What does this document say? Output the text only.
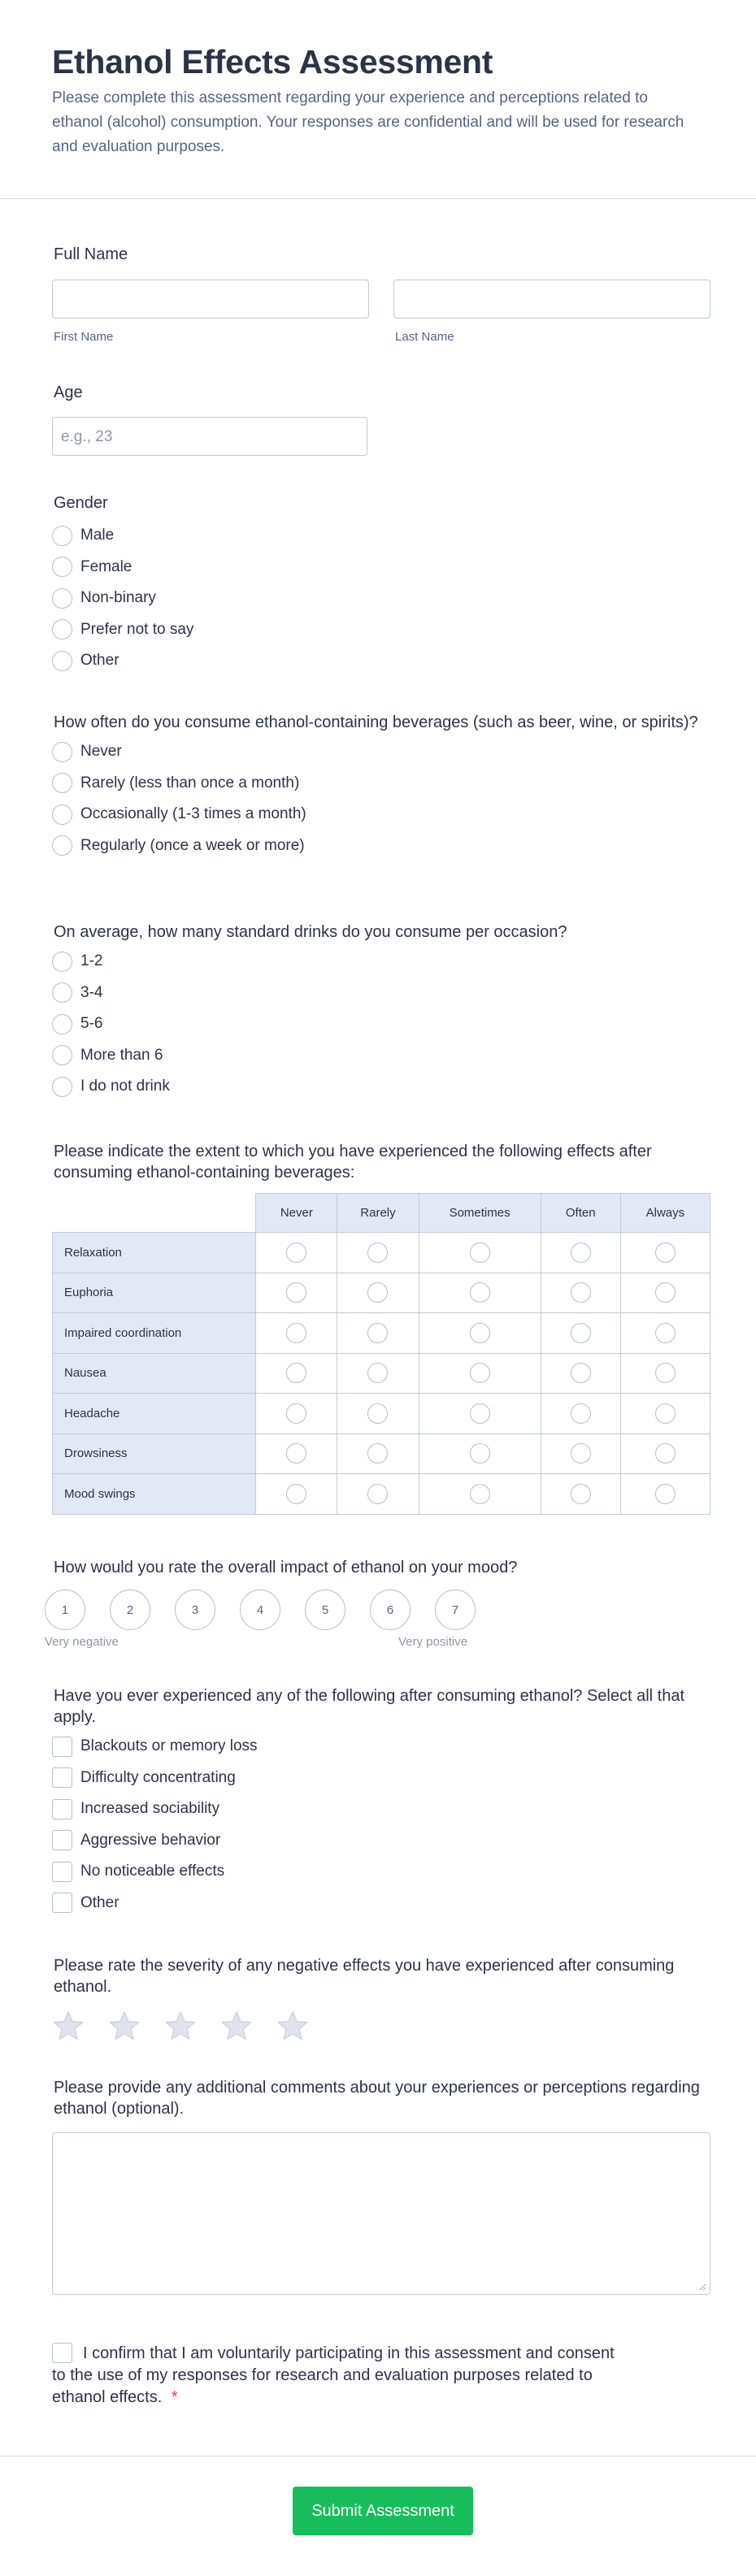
Ethanol Effects Assessment
Please complete this assessment regarding your experience and perceptions related to ethanol (alcohol) consumption. Your responses are confidential and will be used for research and evaluation purposes.
Full Name
First Name	Last Name
Age
e.g., 23
Gender
Male
Female
Non-binary
Prefer not to say
Other
How often do you consume ethanol-containing beverages (such as beer, wine, or spirits)?
Never
Rarely (less than once a month)
Occasionally (1-3 times a month)
Regularly (once a week or more)
On average, how many standard drinks do you consume per occasion?
1-2
3-4
5-6
More than 6
I do not drink
Please indicate the extent to which you have experienced the following effects after consuming ethanol-containing beverages:
	Never	Rarely	Sometimes	Often	Always
Relaxation					
Euphoria					
Impaired coordination					
Nausea					
Headache					
Drowsiness					
Mood swings					
How would you rate the overall impact of ethanol on your mood?
1	2	3	4	5	6	7
Very negative	Very positive
Have you ever experienced any of the following after consuming ethanol? Select all that apply.
Blackouts or memory loss
Difficulty concentrating
Increased sociability
Aggressive behavior
No noticeable effects
Other
Please rate the severity of any negative effects you have experienced after consuming ethanol.
Please provide any additional comments about your experiences or perceptions regarding ethanol (optional).
I confirm that I am voluntarily participating in this assessment and consent to the use of my responses for research and evaluation purposes related to ethanol effects. *
Submit Assessment
